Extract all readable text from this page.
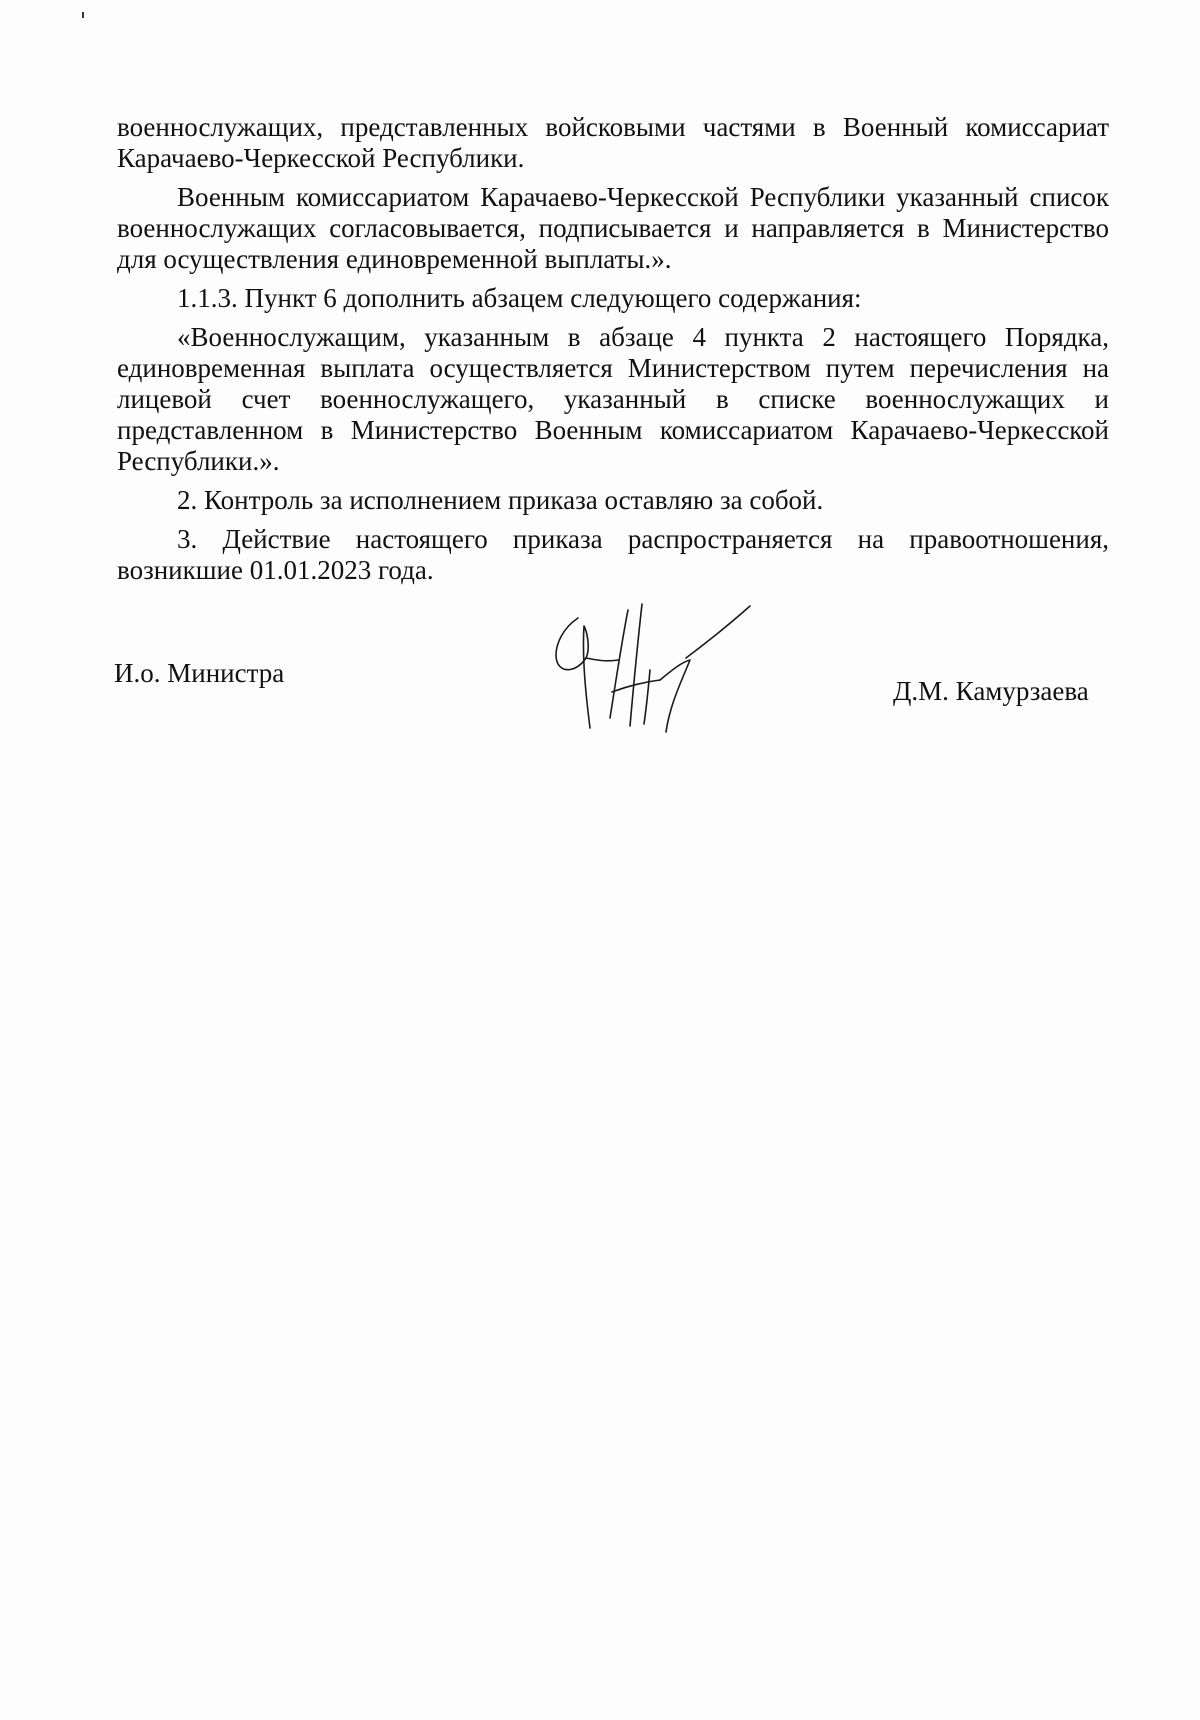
военнослужащих, представленных войсковыми частями в Военный комиссариат Карачаево-Черкесской Республики.

Военным комиссариатом Карачаево-Черкесской Республики указанный список военнослужащих согласовывается, подписывается и направляется в Министерство для осуществления единовременной выплаты.».

1.1.3. Пункт 6 дополнить абзацем следующего содержания:

«Военнослужащим, указанным в абзаце 4 пункта 2 настоящего Порядка, единовременная выплата осуществляется Министерством путем перечисления на лицевой счет военнослужащего, указанный в списке военнослужащих и представленном в Министерство Военным комиссариатом Карачаево-Черкесской Республики.».

2. Контроль за исполнением приказа оставляю за собой.

3. Действие настоящего приказа распространяется на правоотношения, возникшие 01.01.2023 года.

И.о. Министра
Д.М. Камурзаева
